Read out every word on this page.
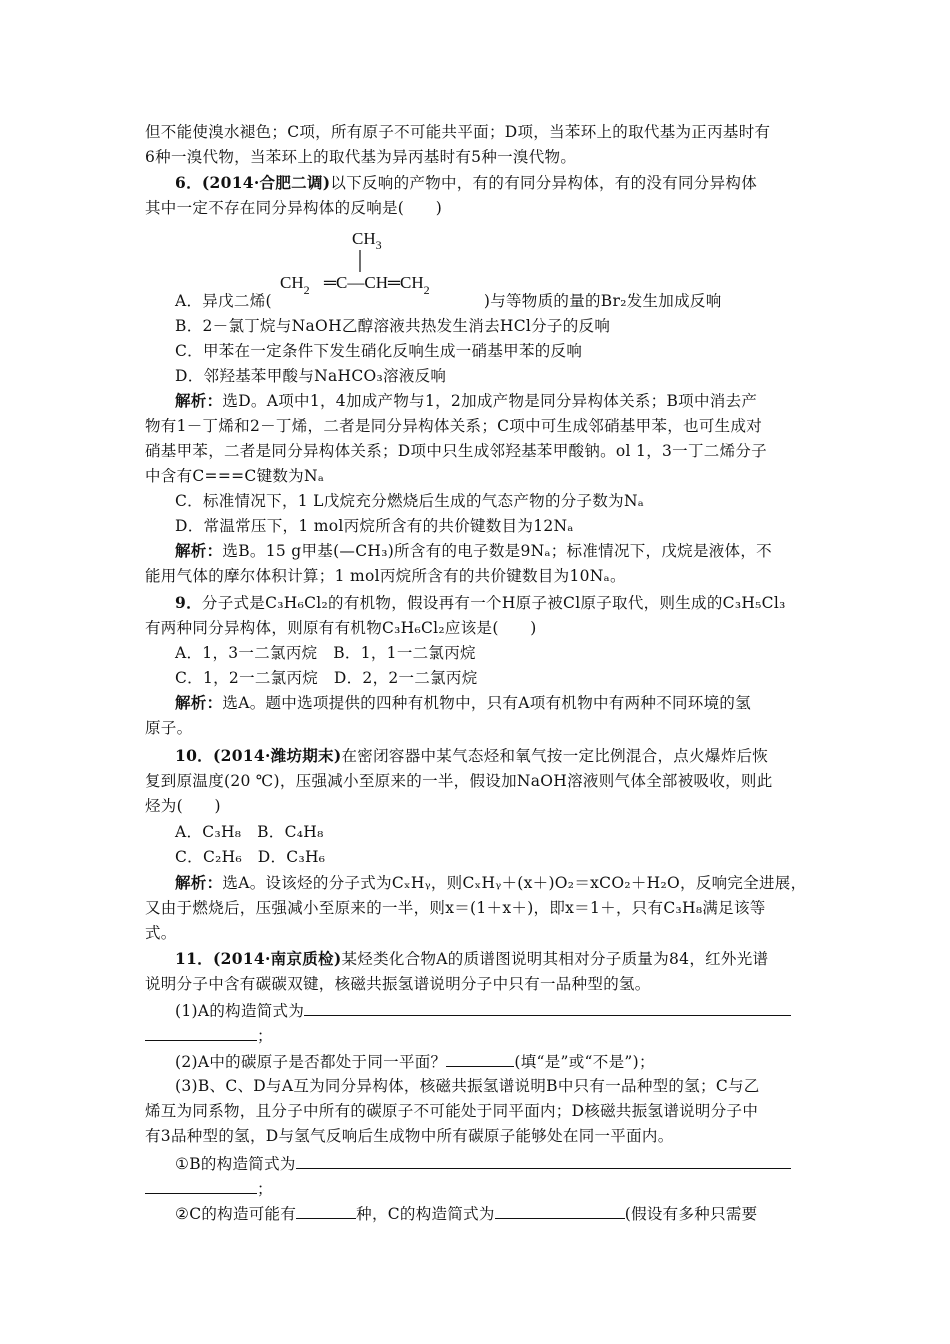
但不能使溴水褪色；C项，所有原子不可能共平面；D项，当苯环上的取代基为正丙基时有
6种一溴代物，当苯环上的取代基为异丙基时有5种一溴代物。
6．(2014·合肥二调)以下反响的产物中，有的有同分异构体，有的没有同分异构体
其中一定不存在同分异构体的反响是(　　)
$CH_3$
$CH_2$ $═C—CH═CH_2$
A．异戊二烯(	)与等物质的量的Br₂发生加成反响
B．2－氯丁烷与NaOH乙醇溶液共热发生消去HCl分子的反响
C．甲苯在一定条件下发生硝化反响生成一硝基甲苯的反响
D．邻羟基苯甲酸与NaHCO₃溶液反响
解析：选D。A项中1，4加成产物与1，2加成产物是同分异构体关系；B项中消去产
物有1－丁烯和2－丁烯，二者是同分异构体关系；C项中可生成邻硝基甲苯，也可生成对
硝基甲苯，二者是同分异构体关系；D项中只生成邻羟基苯甲酸钠。ol 1，3一丁二烯分子
中含有C===C键数为Nₐ
C．标准情况下，1 L戊烷充分燃烧后生成的气态产物的分子数为Nₐ
D．常温常压下，1 mol丙烷所含有的共价键数目为12Nₐ
解析：选B。15 g甲基(—CH₃)所含有的电子数是9Nₐ；标准情况下，戊烷是液体，不
能用气体的摩尔体积计算；1 mol丙烷所含有的共价键数目为10Nₐ。
9．分子式是C₃H₆Cl₂的有机物，假设再有一个H原子被Cl原子取代，则生成的C₃H₅Cl₃
有两种同分异构体，则原有有机物C₃H₆Cl₂应该是(　　)
A．1，3一二氯丙烷　B．1，1一二氯丙烷
C．1，2一二氯丙烷　D．2，2一二氯丙烷
解析：选A。题中选项提供的四种有机物中，只有A项有机物中有两种不同环境的氢
原子。
10．(2014·潍坊期末)在密闭容器中某气态烃和氧气按一定比例混合，点火爆炸后恢
复到原温度(20 ℃)，压强减小至原来的一半，假设加NaOH溶液则气体全部被吸收，则此
烃为(　　)
A．C₃H₈　B．C₄H₈
C．C₂H₆　D．C₃H₆
解析：选A。设该烃的分子式为CₓHᵧ，则CₓHᵧ＋(x＋)O₂＝xCO₂＋H₂O，反响完全进展，
又由于燃烧后，压强减小至原来的一半，则x＝(1＋x＋)，即x＝1＋，只有C₃H₈满足该等
式。
11．(2014·南京质检)某烃类化合物A的质谱图说明其相对分子质量为84，红外光谱
说明分子中含有碳碳双键，核磁共振氢谱说明分子中只有一品种型的氢。
(1)A的构造简式为
；
(2)A中的碳原子是否都处于同一平面？	(填“是”或“不是”)；
(3)B、C、D与A互为同分异构体，核磁共振氢谱说明B中只有一品种型的氢；C与乙
烯互为同系物，且分子中所有的碳原子不可能处于同平面内；D核磁共振氢谱说明分子中
有3品种型的氢，D与氢气反响后生成物中所有碳原子能够处在同一平面内。
①B的构造简式为
；
②C的构造可能有	种，C的构造简式为	(假设有多种只需要
